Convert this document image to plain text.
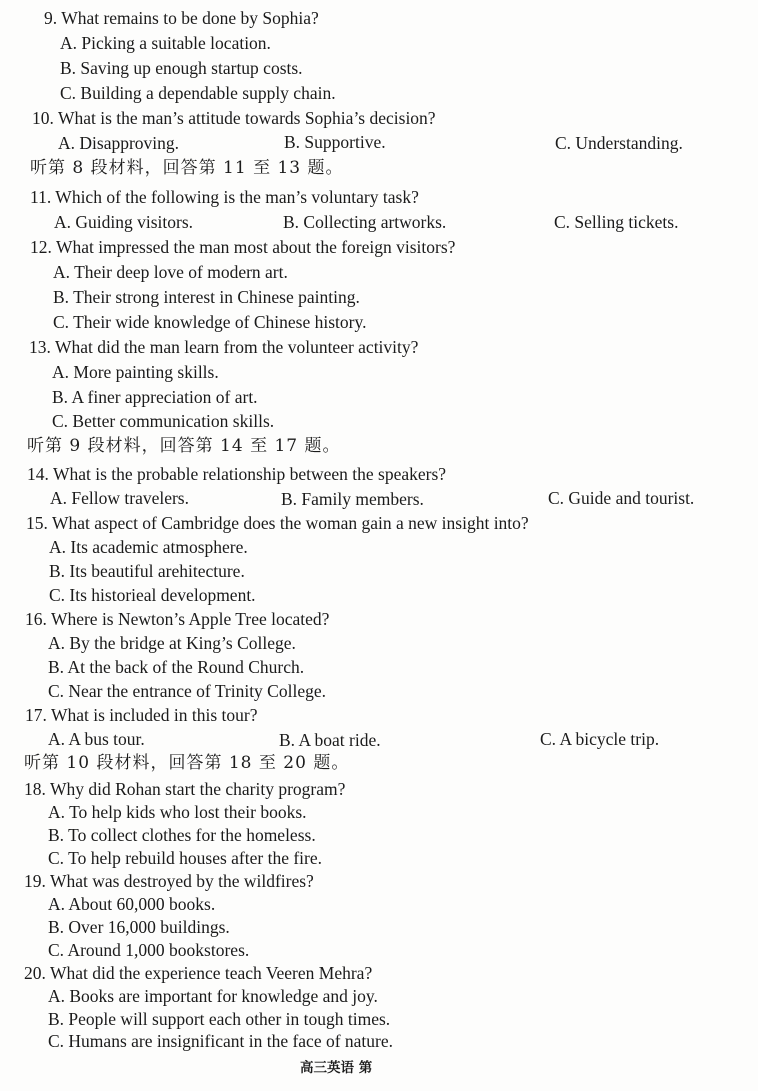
9. What remains to be done by Sophia?
A. Picking a suitable location.
B. Saving up enough startup costs.
C. Building a dependable supply chain.
10. What is the man’s attitude towards Sophia’s decision?
A. Disapproving.	B. Supportive.	C. Understanding.
听第 8 段材料，回答第 11 至 13 题。
11. Which of the following is the man’s voluntary task?
A. Guiding visitors.	B. Collecting artworks.	C. Selling tickets.
12. What impressed the man most about the foreign visitors?
A. Their deep love of modern art.
B. Their strong interest in Chinese painting.
C. Their wide knowledge of Chinese history.
13. What did the man learn from the volunteer activity?
A. More painting skills.
B. A finer appreciation of art.
C. Better communication skills.
听第 9 段材料，回答第 14 至 17 题。
14. What is the probable relationship between the speakers?
A. Fellow travelers.	B. Family members.	C. Guide and tourist.
15. What aspect of Cambridge does the woman gain a new insight into?
A. Its academic atmosphere.
B. Its beautiful arehitecture.
C. Its historieal development.
16. Where is Newton’s Apple Tree located?
A. By the bridge at King’s College.
B. At the back of the Round Church.
C. Near the entrance of Trinity College.
17. What is included in this tour?
A. A bus tour.	B. A boat ride.	C. A bicycle trip.
听第 10 段材料，回答第 18 至 20 题。
18. Why did Rohan start the charity program?
A. To help kids who lost their books.
B. To collect clothes for the homeless.
C. To help rebuild houses after the fire.
19. What was destroyed by the wildfires?
A. About 60,000 books.
B. Over 16,000 buildings.
C. Around 1,000 bookstores.
20. What did the experience teach Veeren Mehra?
A. Books are important for knowledge and joy.
B. People will support each other in tough times.
C. Humans are insignificant in the face of nature.
高三英语 第
